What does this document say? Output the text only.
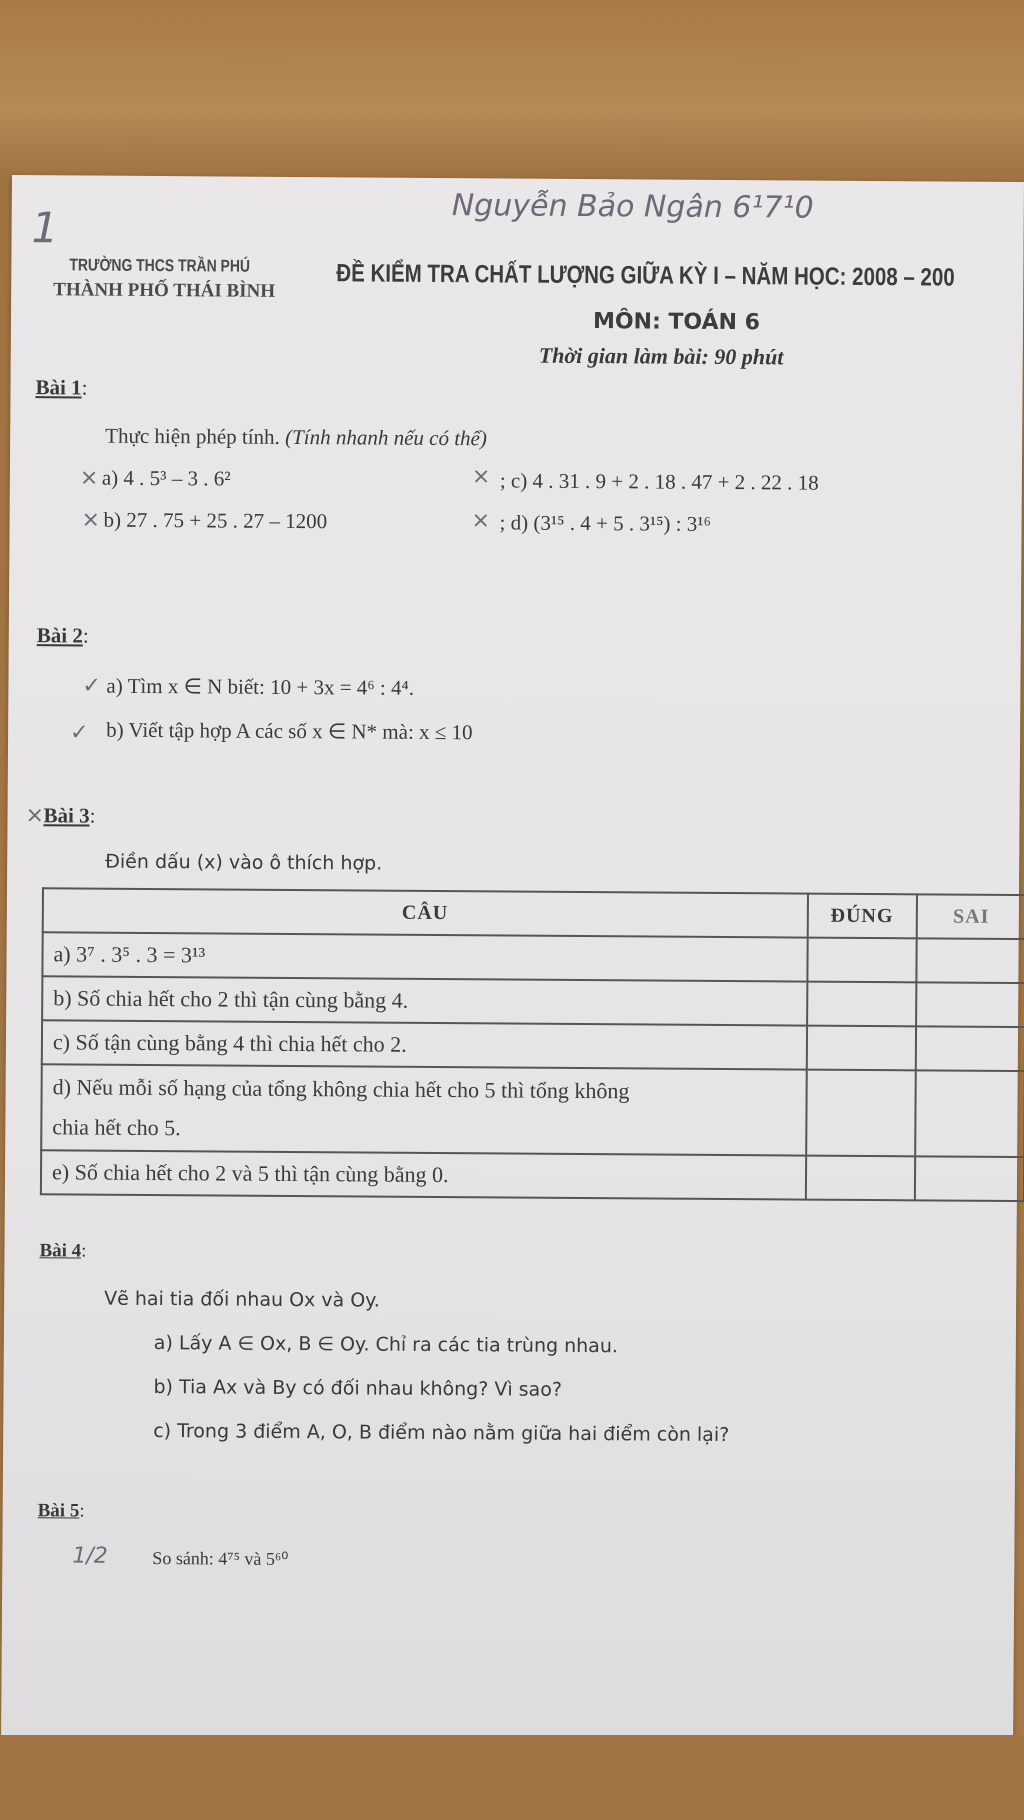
Nguyễn Bảo Ngân 6¹7¹0
1
TRƯỜNG THCS TRẦN PHÚ
THÀNH PHỐ THÁI BÌNH ĐỀ KIỂM TRA CHẤT LƯỢNG GIỮA KỲ I – NĂM HỌC: 2008 – 200
MÔN: TOÁN 6
Thời gian làm bài: 90 phút
Bài 1:
Thực hiện phép tính. (Tính nhanh nếu có thể)
× a) 4 . 5³ – 3 . 6²
× b) 27 . 75 + 25 . 27 – 1200
× ; c) 4 . 31 . 9 + 2 . 18 . 47 + 2 . 22 . 18
× ; d) (3¹⁵ . 4 + 5 . 3¹⁵) : 3¹⁶
Bài 2:
✓ a) Tìm x ∈ N biết: 10 + 3x = 4⁶ : 4⁴.
✓ b) Viết tập hợp A các số x ∈ N* mà: x ≤ 10
× Bài 3:
Điền dấu (x) vào ô thích hợp.
CÂU	ĐÚNG	SAI
a) 3⁷ . 3⁵ . 3 = 3¹³		
b) Số chia hết cho 2 thì tận cùng bằng 4.		
c) Số tận cùng bằng 4 thì chia hết cho 2.		
d) Nếu mỗi số hạng của tổng không chia hết cho 5 thì tổng không
chia hết cho 5.		
e) Số chia hết cho 2 và 5 thì tận cùng bằng 0.		
Bài 4:
Vẽ hai tia đối nhau Ox và Oy.
a) Lấy A ∈ Ox, B ∈ Oy. Chỉ ra các tia trùng nhau.
b) Tia Ax và By có đối nhau không? Vì sao?
c) Trong 3 điểm A, O, B điểm nào nằm giữa hai điểm còn lại?
Bài 5:
1/2 So sánh: 4⁷⁵ và 5⁶⁰
